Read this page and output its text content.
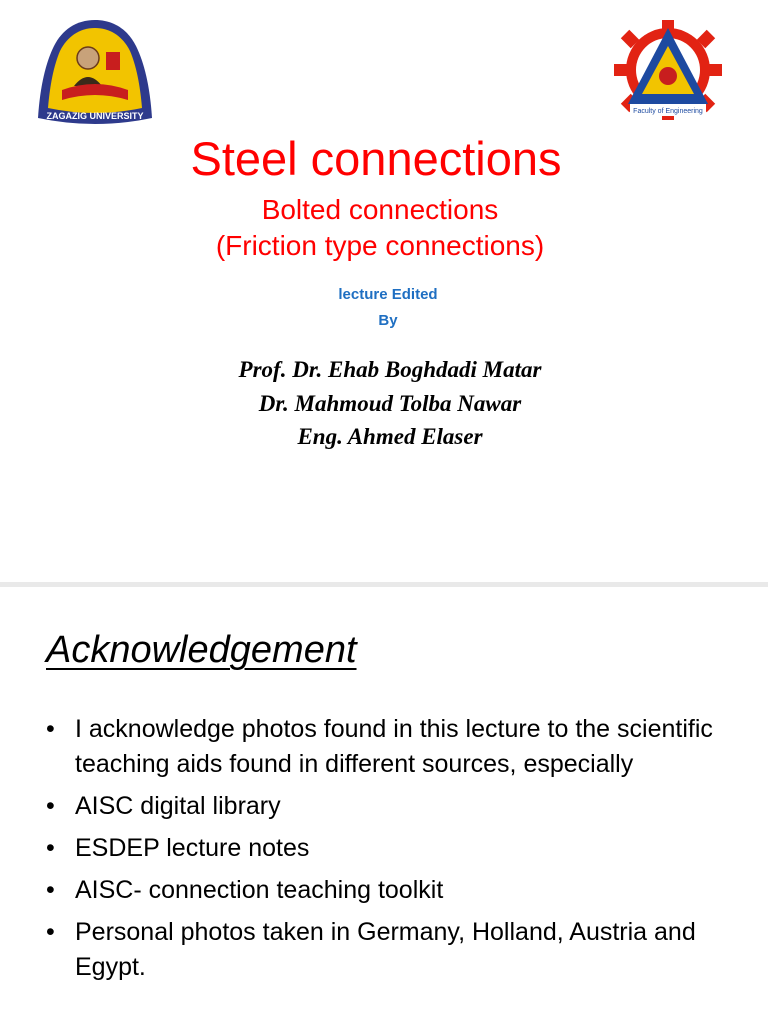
ZAGAZIG UNIVERSITY	Faculty of Engineering
Steel connections
Bolted connections
(Friction type connections)
lecture Edited
By
Prof. Dr. Ehab Boghdadi Matar
Dr. Mahmoud Tolba Nawar
Eng. Ahmed Elaser
Acknowledgement
• I acknowledge photos found in this lecture to the scientific teaching aids found in different sources, especially
• AISC digital library
• ESDEP lecture notes
• AISC- connection teaching toolkit
• Personal photos taken in Germany, Holland, Austria and Egypt.
